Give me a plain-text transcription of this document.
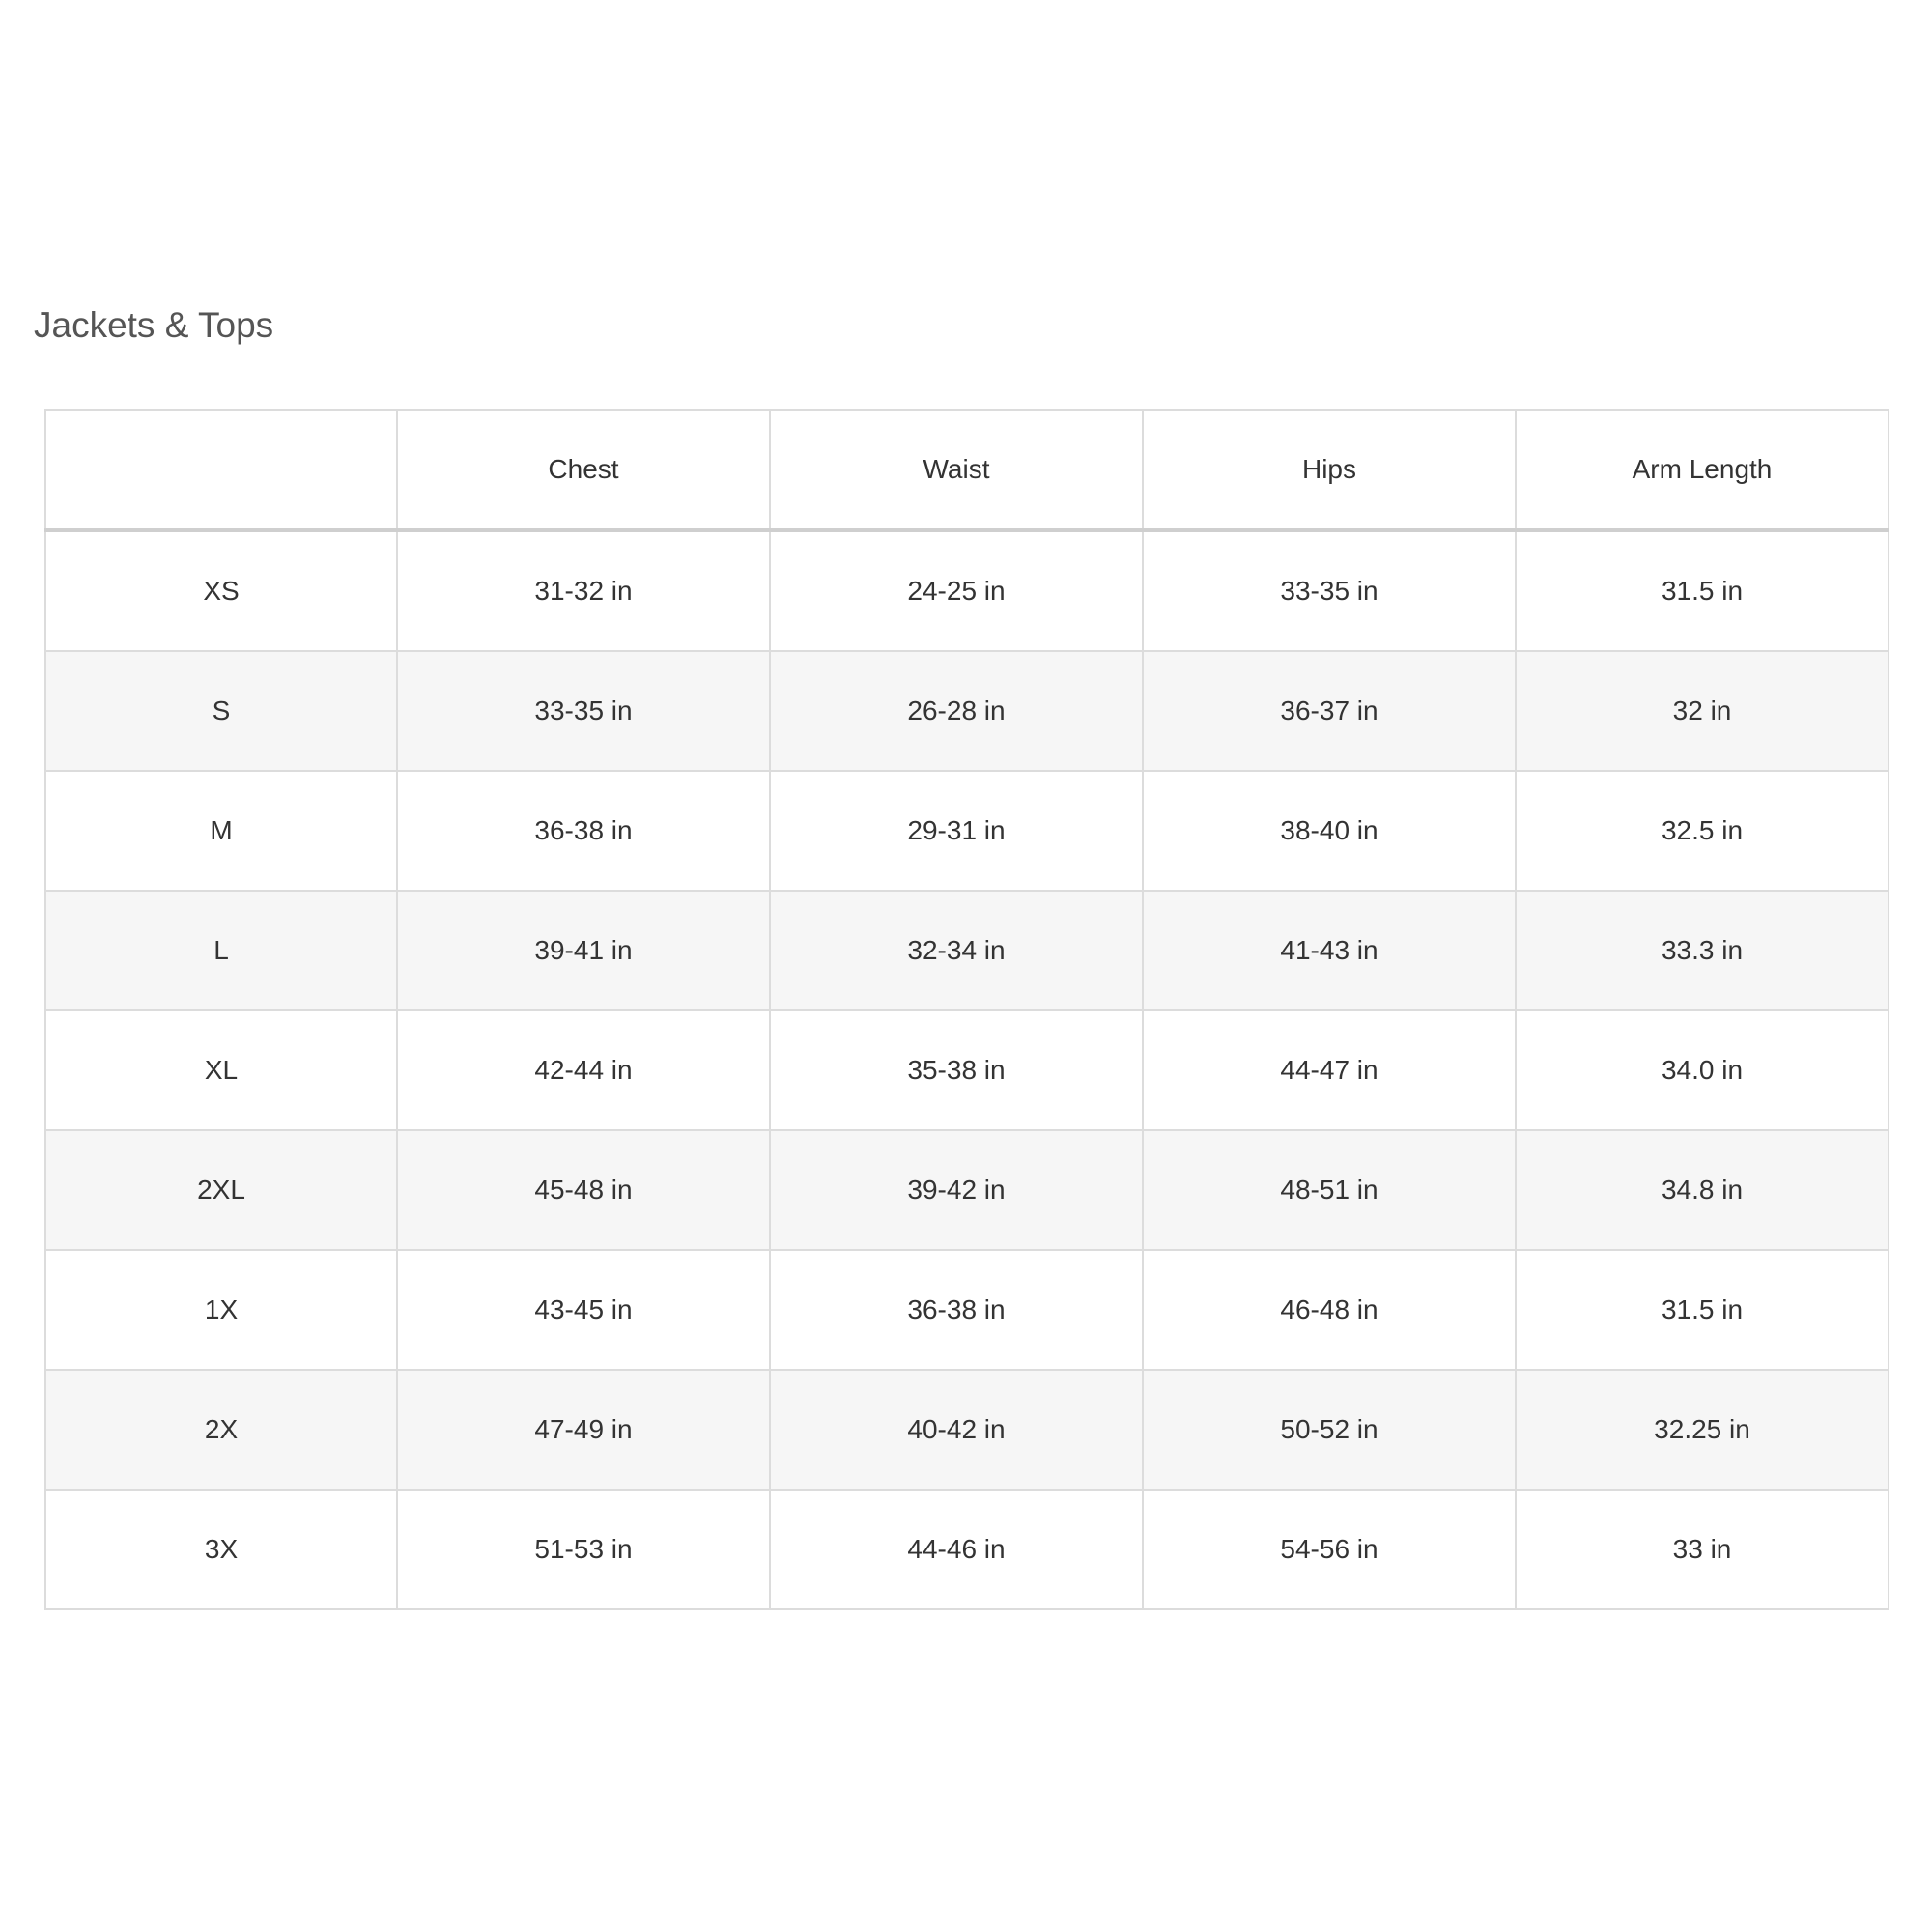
Jackets & Tops
	Chest	Waist	Hips	Arm Length
XS	31-32 in	24-25 in	33-35 in	31.5 in
S	33-35 in	26-28 in	36-37 in	32 in
M	36-38 in	29-31 in	38-40 in	32.5 in
L	39-41 in	32-34 in	41-43 in	33.3 in
XL	42-44 in	35-38 in	44-47 in	34.0 in
2XL	45-48 in	39-42 in	48-51 in	34.8 in
1X	43-45 in	36-38 in	46-48 in	31.5 in
2X	47-49 in	40-42 in	50-52 in	32.25 in
3X	51-53 in	44-46 in	54-56 in	33 in
